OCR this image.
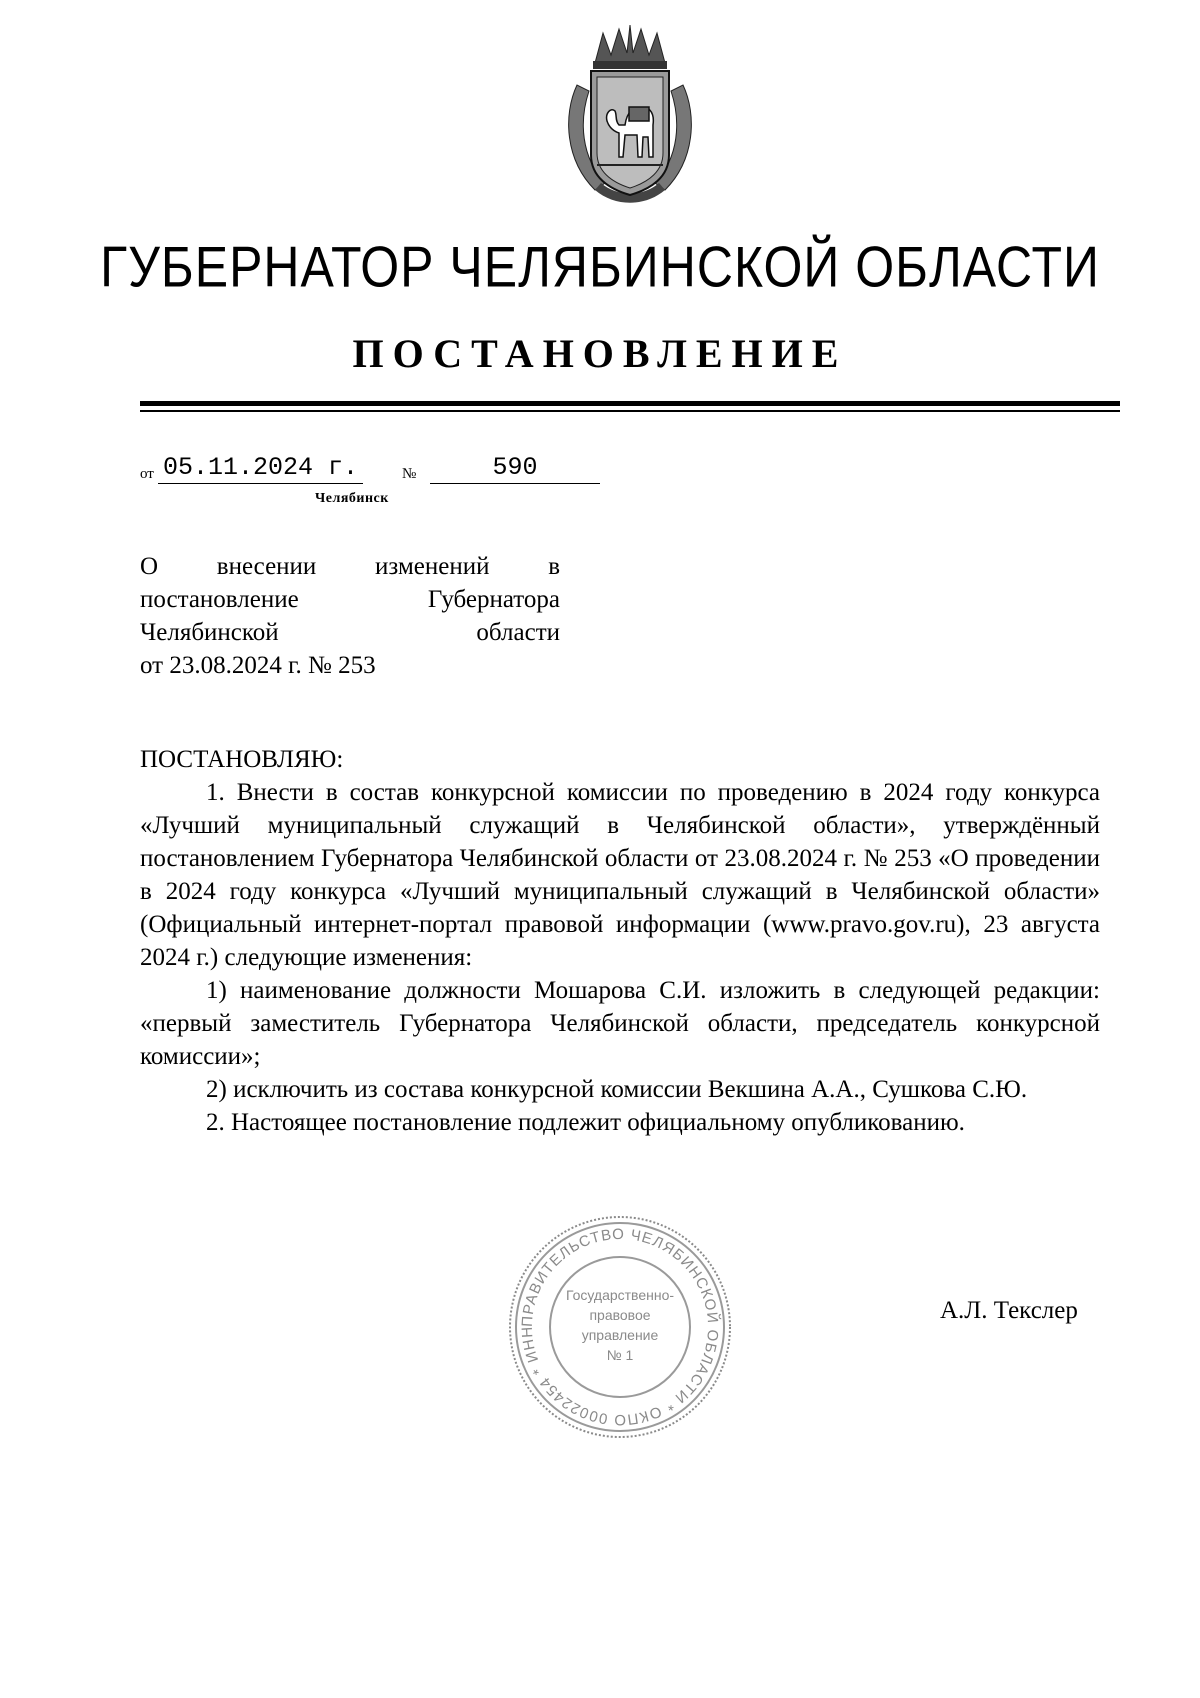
ГУБЕРНАТОР ЧЕЛЯБИНСКОЙ ОБЛАСТИ
ПОСТАНОВЛЕНИЕ
от 05.11.2024 г.	№	590
Челябинск
О внесении изменений в
постановление Губернатора
Челябинской области
от 23.08.2024 г. № 253

ПОСТАНОВЛЯЮ:

1. Внести в состав конкурсной комиссии по проведению в 2024 году конкурса «Лучший муниципальный служащий в Челябинской области», утверждённый постановлением Губернатора Челябинской области от 23.08.2024 г. № 253 «О проведении в 2024 году конкурса «Лучший муниципальный служащий в Челябинской области» (Официальный интернет-портал правовой информации (www.pravo.gov.ru), 23 августа 2024 г.) следующие изменения:

1) наименование должности Мошарова С.И. изложить в следующей редакции: «первый заместитель Губернатора Челябинской области, председатель конкурсной комиссии»;

2) исключить из состава конкурсной комиссии Векшина А.А., Сушкова С.Ю.

2. Настоящее постановление подлежит официальному опубликованию.

ПРАВИТЕЛЬСТВО ЧЕЛЯБИНСКОЙ ОБЛАСТИ * ОКПО 00022454 * ИНН
Государственно-
правовое
управление
№ 1
А.Л. Текслер
